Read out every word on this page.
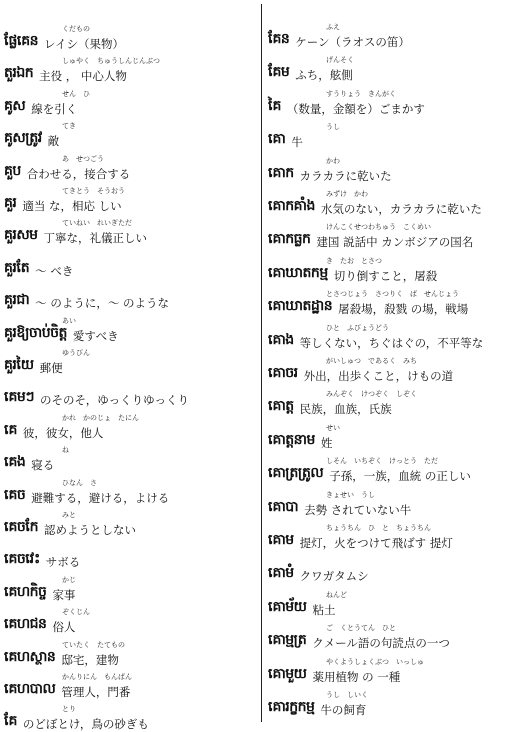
くだもの
ផ្លែគេន レイシ（果物）
しゅやく　ちゅうしんじんぶつ
តួរឯក 主役 ， 中心人物
せん　ひ
គូស 線を引く
てき
គូសត្រូវ 敵
あ　せつごう
គួប 合わせる，接合する
てきとう　そうおう
គួរ 適当 な，相応 しい
ていねい　れいぎただ
គួរសម 丁寧な，礼儀正しい
គួរតែ ～ べき
គួរជា ～ のように，～ のような
あい
គួរឱ្យចាប់ចិត្ត 愛すべき
ゆうびん
គួរយៃ 郵便
គេមៗ のそのそ，ゆっくりゆっくり
かれ　かのじょ　たにん
គេ 彼，彼女，他人
ね
គេង 寝る
ひなん　さ
គេច 避難する，避ける，よける
みと
គេចកែ 認めようとしない
គេចវេះ サボる
かじ
គេហកិច្ច 家事
ぞくじん
គេហជន 俗人
ていたく　たてもの
គេហស្ថាន 邸宅，建物
かんりにん　もんばん
គេហបាល 管理人，門番
とり
គែ のどぼとけ，鳥の砂ぎも
ふえ
គែន ケーン（ラオスの笛）
げんそく
គែម ふち，舷側
すうりょう　きんがく
គៃ （数量，金額を）ごまかす
うし
គោ 牛
かわ
គោក カラカラに乾いた
みずけ　かわ
គោកគាំង 水気のない，カラカラに乾いた
けんこくせつわちゅう　こくめい
គោកធ្លក 建国 説話中 カンボジアの国名
き　たお　とさつ
គោឃាតកម្ម 切り倒すこと，屠殺
とさつじょう　さつりく　ば　せんじょう
គោឃាតដ្ឋាន 屠殺場，殺戮 の場，戦場
ひと　ふびょうどう
គោង 等しくない，ちぐはぐの，不平等な
がいしゅつ　であるく　みち
គោចរ 外出，出歩くこと，けもの道
みんぞく　けつぞく　しぞく
គោត្ត 民族，血族，氏族
せい
គោត្តនាម 姓
しそん　いちぞく　けっとう　ただ
គោត្រត្រូល 子孫，一族，血統 の正しい
きょせい　うし
គោបា 去勢 されていない牛
ちょうちん　ひ　と　ちょうちん
គោម 提灯，火をつけて飛ばす 提灯
គោមំ クワガタムシ
ねんど
គោម័យ 粘土
ご　くとうてん　ひと
គោម្មត្រ クメール語の句読点の一つ
やくようしょくぶつ　いっしゅ
គោមួយ 薬用植物 の 一種
うし　しいく
គោរក្ខកម្ម 牛の飼育
